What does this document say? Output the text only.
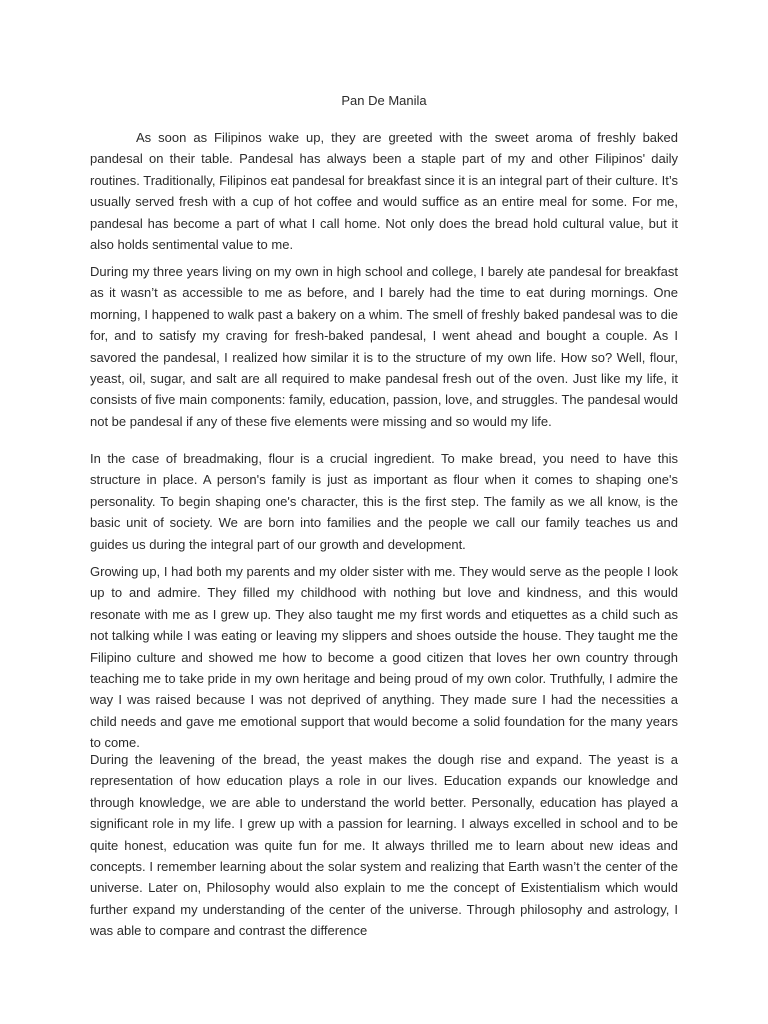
Pan De Manila

As soon as Filipinos wake up, they are greeted with the sweet aroma of freshly baked pandesal on their table. Pandesal has always been a staple part of my and other Filipinos' daily routines. Traditionally, Filipinos eat pandesal for breakfast since it is an integral part of their culture. It’s usually served fresh with a cup of hot coffee and would suffice as an entire meal for some. For me, pandesal has become a part of what I call home. Not only does the bread hold cultural value, but it also holds sentimental value to me.

During my three years living on my own in high school and college, I barely ate pandesal for breakfast as it wasn’t as accessible to me as before, and I barely had the time to eat during mornings. One morning, I happened to walk past a bakery on a whim. The smell of freshly baked pandesal was to die for, and to satisfy my craving for fresh-baked pandesal, I went ahead and bought a couple. As I savored the pandesal, I realized how similar it is to the structure of my own life. How so? Well, flour, yeast, oil, sugar, and salt are all required to make pandesal fresh out of the oven. Just like my life, it consists of five main components: family, education, passion, love, and struggles. The pandesal would not be pandesal if any of these five elements were missing and so would my life.

In the case of breadmaking, flour is a crucial ingredient. To make bread, you need to have this structure in place. A person's family is just as important as flour when it comes to shaping one's personality. To begin shaping one's character, this is the first step. The family as we all know, is the basic unit of society. We are born into families and the people we call our family teaches us and guides us during the integral part of our growth and development.

Growing up, I had both my parents and my older sister with me. They would serve as the people I look up to and admire. They filled my childhood with nothing but love and kindness, and this would resonate with me as I grew up. They also taught me my first words and etiquettes as a child such as not talking while I was eating or leaving my slippers and shoes outside the house. They taught me the Filipino culture and showed me how to become a good citizen that loves her own country through teaching me to take pride in my own heritage and being proud of my own color. Truthfully, I admire the way I was raised because I was not deprived of anything. They made sure I had the necessities a child needs and gave me emotional support that would become a solid foundation for the many years to come.

During the leavening of the bread, the yeast makes the dough rise and expand. The yeast is a representation of how education plays a role in our lives. Education expands our knowledge and through knowledge, we are able to understand the world better. Personally, education has played a significant role in my life. I grew up with a passion for learning. I always excelled in school and to be quite honest, education was quite fun for me. It always thrilled me to learn about new ideas and concepts. I remember learning about the solar system and realizing that Earth wasn’t the center of the universe. Later on, Philosophy would also explain to me the concept of Existentialism which would further expand my understanding of the center of the universe. Through philosophy and astrology, I was able to compare and contrast the difference
